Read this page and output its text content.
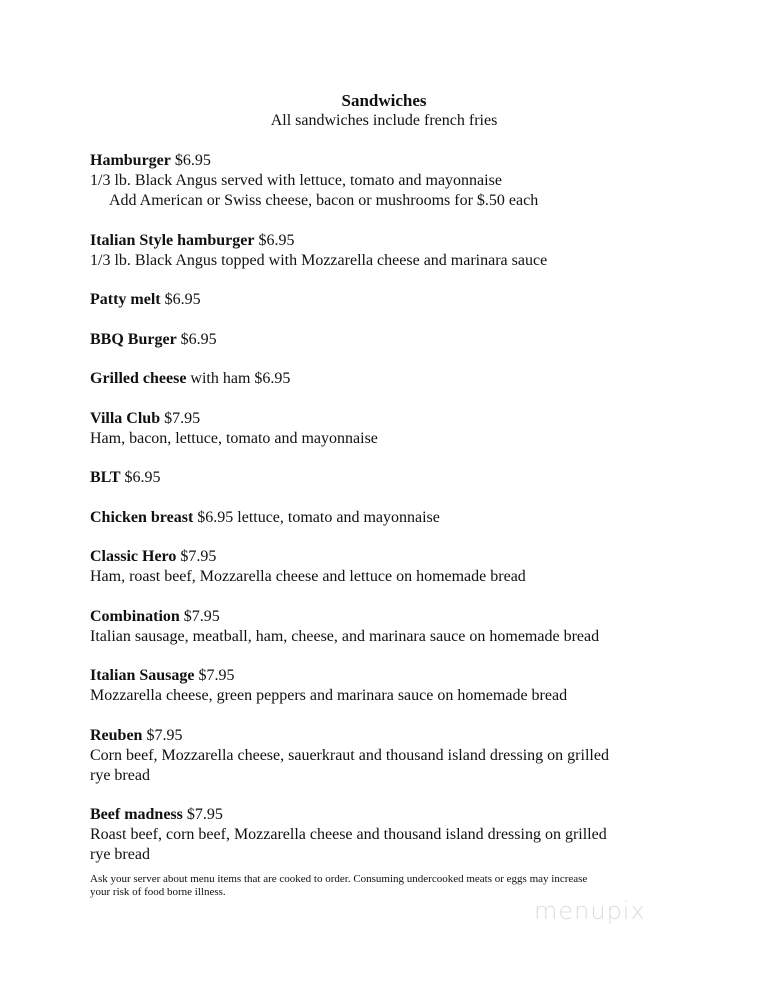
Sandwiches

All sandwiches include french fries

Hamburger $6.95
1/3 lb. Black Angus served with lettuce, tomato and mayonnaise
Add American or Swiss cheese, bacon or mushrooms for $.50 each
Italian Style hamburger $6.95
1/3 lb. Black Angus topped with Mozzarella cheese and marinara sauce
Patty melt $6.95
BBQ Burger $6.95
Grilled cheese with ham $6.95
Villa Club $7.95
Ham, bacon, lettuce, tomato and mayonnaise
BLT $6.95
Chicken breast $6.95 lettuce, tomato and mayonnaise
Classic Hero $7.95
Ham, roast beef, Mozzarella cheese and lettuce on homemade bread
Combination $7.95
Italian sausage, meatball, ham, cheese, and marinara sauce on homemade bread
Italian Sausage $7.95
Mozzarella cheese, green peppers and marinara sauce on homemade bread
Reuben $7.95
Corn beef, Mozzarella cheese, sauerkraut and thousand island dressing on grilled
rye bread
Beef madness $7.95
Roast beef, corn beef, Mozzarella cheese and thousand island dressing on grilled
rye bread
Ask your server about menu items that are cooked to order. Consuming undercooked meats or eggs may increase
your risk of food borne illness.
menupix
